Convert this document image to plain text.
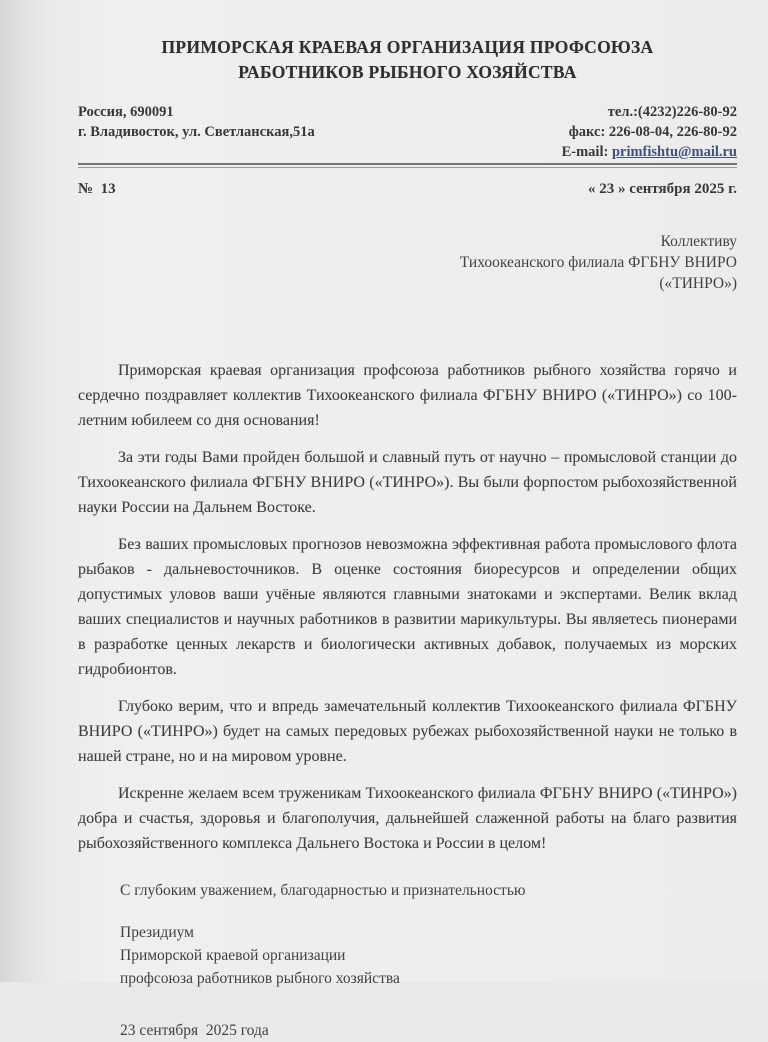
ПРИМОРСКАЯ КРАЕВАЯ ОРГАНИЗАЦИЯ ПРОФСОЮЗА
РАБОТНИКОВ РЫБНОГО ХОЗЯЙСТВА
Россия, 690091
г. Владивосток, ул. Светланская,51а
тел.:(4232)226-80-92
факс: 226-08-04, 226-80-92
E-mail: primfishtu@mail.ru
№  13	« 23 » сентября 2025 г.
Коллективу
Тихоокеанского филиала ФГБНУ ВНИРО
(«ТИНРО»)

Приморская краевая организация профсоюза работников рыбного хозяйства горячо и сердечно поздравляет коллектив Тихоокеанского филиала ФГБНУ ВНИРО («ТИНРО») со 100-летним юбилеем со дня основания!

За эти годы Вами пройден большой и славный путь от научно – промысловой станции до Тихоокеанского филиала ФГБНУ ВНИРО («ТИНРО»). Вы были форпостом рыбохозяйственной науки России на Дальнем Востоке.

Без ваших промысловых прогнозов невозможна эффективная работа промыслового флота рыбаков - дальневосточников. В оценке состояния биоресурсов и определении общих допустимых уловов ваши учёные являются главными знатоками и экспертами. Велик вклад ваших специалистов и научных работников в развитии марикультуры. Вы являетесь пионерами в разработке ценных лекарств и биологически активных добавок, получаемых из морских гидробионтов.

Глубоко верим, что и впредь замечательный коллектив Тихоокеанского филиала ФГБНУ ВНИРО («ТИНРО») будет на самых передовых рубежах рыбохозяйственной науки не только в нашей стране, но и на мировом уровне.

Искренне желаем всем труженикам Тихоокеанского филиала ФГБНУ ВНИРО («ТИНРО») добра и счастья, здоровья и благополучия, дальнейшей слаженной работы на благо развития рыбохозяйственного комплекса Дальнего Востока и России в целом!

С глубоким уважением, благодарностью и признательностью

Президиум
Приморской краевой организации
профсоюза работников рыбного хозяйства

23 сентября  2025 года
